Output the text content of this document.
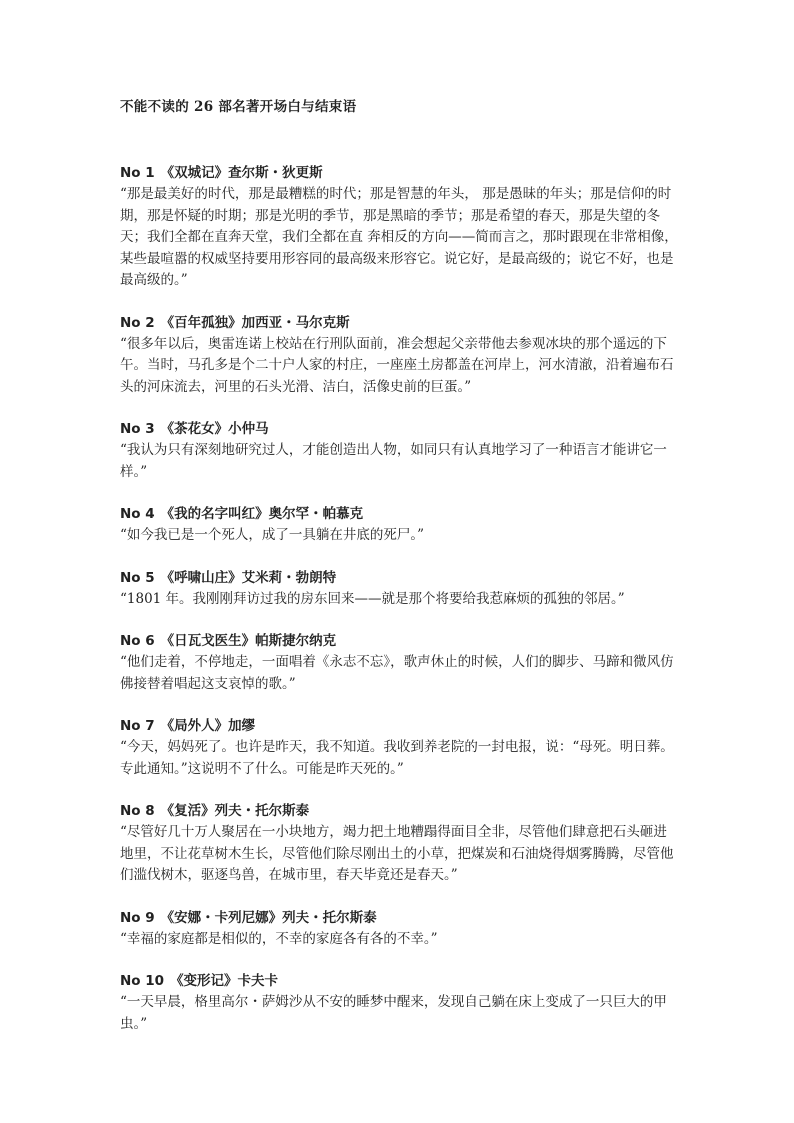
不能不读的 26 部名著开场白与结束语
No 1 《双城记》查尔斯・狄更斯

“那是最美好的时代，那是最糟糕的时代；那是智慧的年头， 那是愚昧的年头；那是信仰的时期，那是怀疑的时期；那是光明的季节，那是黑暗的季节；那是希望的春天，那是失望的冬天；我们全都在直奔天堂，我们全都在直 奔相反的方向——简而言之，那时跟现在非常相像，某些最喧嚣的权威坚持要用形容同的最高级来形容它。说它好，是最高级的；说它不好，也是最高级的。”

No 2 《百年孤独》加西亚・马尔克斯

“很多年以后，奥雷连诺上校站在行刑队面前，准会想起父亲带他去参观冰块的那个遥远的下午。当时，马孔多是个二十户人家的村庄，一座座土房都盖在河岸上，河水清澈，沿着遍布石头的河床流去，河里的石头光滑、洁白，活像史前的巨蛋。”

No 3 《茶花女》小仲马

“我认为只有深刻地研究过人，才能创造出人物，如同只有认真地学习了一种语言才能讲它一样。”

No 4 《我的名字叫红》奥尔罕・帕慕克

“如今我已是一个死人，成了一具躺在井底的死尸。”

No 5 《呼啸山庄》艾米莉・勃朗特

“1801 年。我刚刚拜访过我的房东回来——就是那个将要给我惹麻烦的孤独的邻居。”

No 6 《日瓦戈医生》帕斯捷尔纳克

“他们走着，不停地走，一面唱着《永志不忘》，歌声休止的时候，人们的脚步、马蹄和微风仿佛接替着唱起这支哀悼的歌。”

No 7 《局外人》加缪

“今天，妈妈死了。也许是昨天，我不知道。我收到养老院的一封电报，说：“母死。明日葬。专此通知。”这说明不了什么。可能是昨天死的。”

No 8 《复活》列夫・托尔斯泰

“尽管好几十万人聚居在一小块地方，竭力把土地糟蹋得面目全非，尽管他们肆意把石头砸进地里，不让花草树木生长，尽管他们除尽刚出土的小草，把煤炭和石油烧得烟雾腾腾，尽管他们滥伐树木，驱逐鸟兽，在城市里，春天毕竟还是春天。”

No 9 《安娜・卡列尼娜》列夫・托尔斯泰

“幸福的家庭都是相似的，不幸的家庭各有各的不幸。”

No 10 《变形记》卡夫卡

“一天早晨，格里高尔・萨姆沙从不安的睡梦中醒来，发现自己躺在床上变成了一只巨大的甲虫。”
